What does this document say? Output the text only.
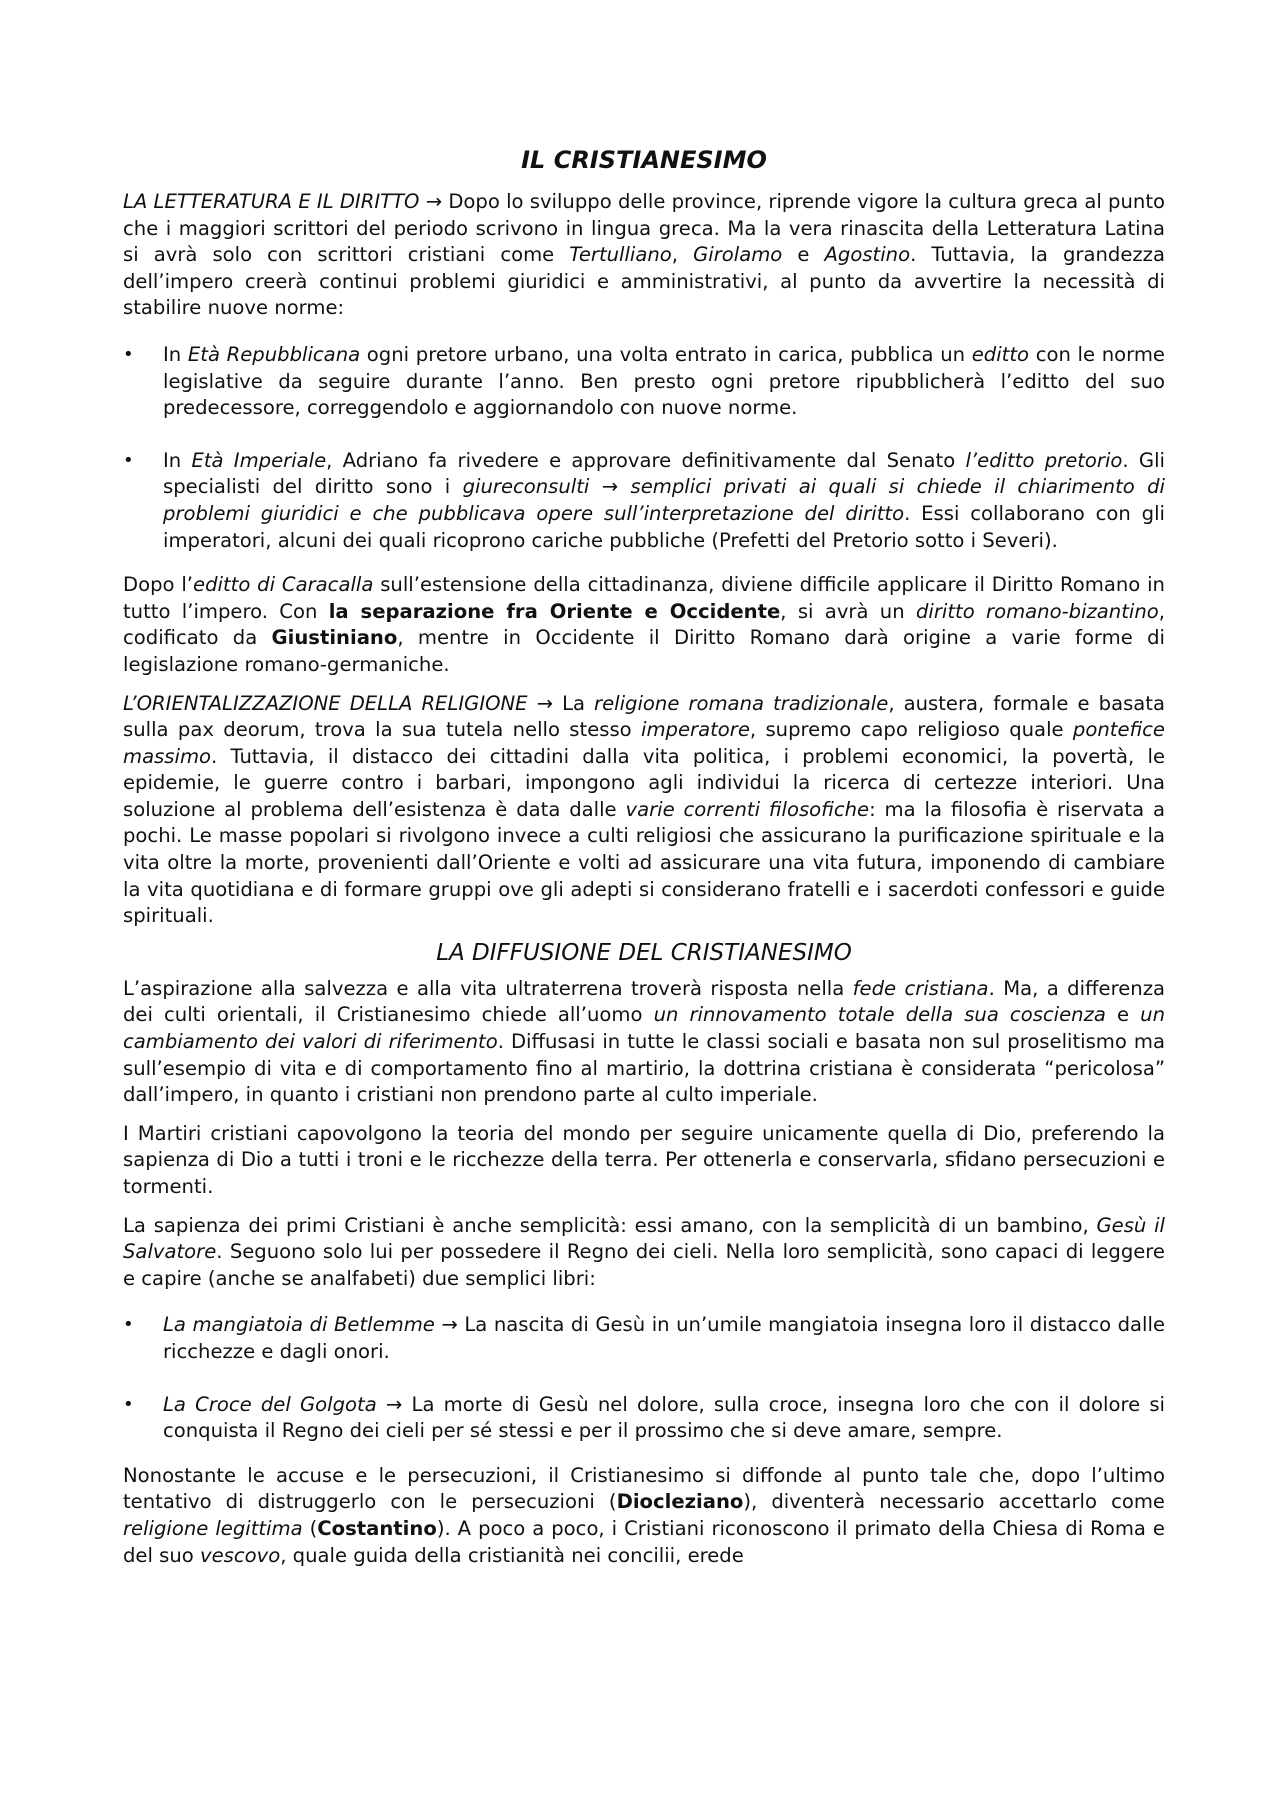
IL CRISTIANESIMO

LA LETTERATURA E IL DIRITTO → Dopo lo sviluppo delle province, riprende vigore la cultura greca al punto che i maggiori scrittori del periodo scrivono in lingua greca. Ma la vera rinascita della Letteratura Latina si avrà solo con scrittori cristiani come Tertulliano, Girolamo e Agostino. Tuttavia, la grandezza dell’impero creerà continui problemi giuridici e amministrativi, al punto da avvertire la necessità di stabilire nuove norme:

• In Età Repubblicana ogni pretore urbano, una volta entrato in carica, pubblica un editto con le norme legislative da seguire durante l’anno. Ben presto ogni pretore ripubblicherà l’editto del suo predecessore, correggendolo e aggiornandolo con nuove norme.
• In Età Imperiale, Adriano fa rivedere e approvare definitivamente dal Senato l’editto pretorio. Gli specialisti del diritto sono i giureconsulti → semplici privati ai quali si chiede il chiarimento di problemi giuridici e che pubblicava opere sull’interpretazione del diritto. Essi collaborano con gli imperatori, alcuni dei quali ricoprono cariche pubbliche (Prefetti del Pretorio sotto i Severi).

Dopo l’editto di Caracalla sull’estensione della cittadinanza, diviene difficile applicare il Diritto Romano in tutto l’impero. Con la separazione fra Oriente e Occidente, si avrà un diritto romano-bizantino, codificato da Giustiniano, mentre in Occidente il Diritto Romano darà origine a varie forme di legislazione romano-germaniche.

L’ORIENTALIZZAZIONE DELLA RELIGIONE → La religione romana tradizionale, austera, formale e basata sulla pax deorum, trova la sua tutela nello stesso imperatore, supremo capo religioso quale pontefice massimo. Tuttavia, il distacco dei cittadini dalla vita politica, i problemi economici, la povertà, le epidemie, le guerre contro i barbari, impongono agli individui la ricerca di certezze interiori. Una soluzione al problema dell’esistenza è data dalle varie correnti filosofiche: ma la filosofia è riservata a pochi. Le masse popolari si rivolgono invece a culti religiosi che assicurano la purificazione spirituale e la vita oltre la morte, provenienti dall’Oriente e volti ad assicurare una vita futura, imponendo di cambiare la vita quotidiana e di formare gruppi ove gli adepti si considerano fratelli e i sacerdoti confessori e guide spirituali.

LA DIFFUSIONE DEL CRISTIANESIMO

L’aspirazione alla salvezza e alla vita ultraterrena troverà risposta nella fede cristiana. Ma, a differenza dei culti orientali, il Cristianesimo chiede all’uomo un rinnovamento totale della sua coscienza e un cambiamento dei valori di riferimento. Diffusasi in tutte le classi sociali e basata non sul proselitismo ma sull’esempio di vita e di comportamento fino al martirio, la dottrina cristiana è considerata “pericolosa” dall’impero, in quanto i cristiani non prendono parte al culto imperiale.

I Martiri cristiani capovolgono la teoria del mondo per seguire unicamente quella di Dio, preferendo la sapienza di Dio a tutti i troni e le ricchezze della terra. Per ottenerla e conservarla, sfidano persecuzioni e tormenti.

La sapienza dei primi Cristiani è anche semplicità: essi amano, con la semplicità di un bambino, Gesù il Salvatore. Seguono solo lui per possedere il Regno dei cieli. Nella loro semplicità, sono capaci di leggere e capire (anche se analfabeti) due semplici libri:

• La mangiatoia di Betlemme → La nascita di Gesù in un’umile mangiatoia insegna loro il distacco dalle ricchezze e dagli onori.
• La Croce del Golgota → La morte di Gesù nel dolore, sulla croce, insegna loro che con il dolore si conquista il Regno dei cieli per sé stessi e per il prossimo che si deve amare, sempre.

Nonostante le accuse e le persecuzioni, il Cristianesimo si diffonde al punto tale che, dopo l’ultimo tentativo di distruggerlo con le persecuzioni (Diocleziano), diventerà necessario accettarlo come religione legittima (Costantino). A poco a poco, i Cristiani riconoscono il primato della Chiesa di Roma e del suo vescovo, quale guida della cristianità nei concilii, erede
